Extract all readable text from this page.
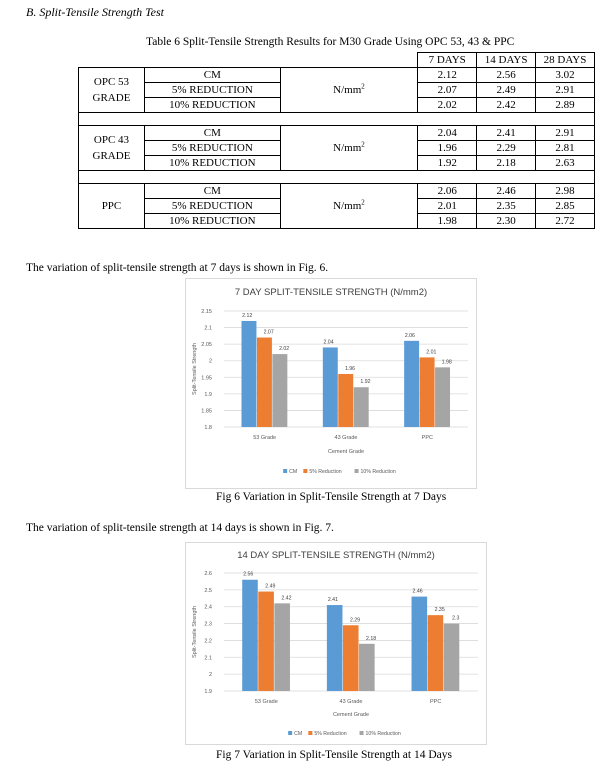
B. Split-Tensile Strength Test
Table 6 Split-Tensile Strength Results for M30 Grade Using OPC 53, 43 & PPC
			7 DAYS	14 DAYS	28 DAYS
OPC 53 GRADE	CM	$N/mm^2$	2.12	2.56	3.02
	5% REDUCTION		2.07	2.49	2.91
	10% REDUCTION		2.02	2.42	2.89

OPC 43 GRADE	CM	$N/mm^2$	2.04	2.41	2.91
	5% REDUCTION		1.96	2.29	2.81
	10% REDUCTION		1.92	2.18	2.63

PPC	CM	$N/mm^2$	2.06	2.46	2.98
	5% REDUCTION		2.01	2.35	2.85
	10% REDUCTION		1.98	2.30	2.72
The variation of split-tensile strength at 7 days is shown in Fig. 6.
7 DAY SPLIT-TENSILE STRENGTH (N/mm2)
2.15
2.1
2.05
2
1.95
1.9
1.85
1.8
Split-Tensile Strength
2.12
2.07
2.02
53 Grade
2.04
1.96
1.92
43 Grade
2.06
2.01
1.98
PPC
Cement Grade
CM 5% Reduction	10% Reduction
Fig 6 Variation in Split-Tensile Strength at 7 Days
The variation of split-tensile strength at 14 days is shown in Fig. 7.
14 DAY SPLIT-TENSILE STRENGTH (N/mm2)
2.6
2.5
2.4
2.3
2.2
2.1
2
1.9
Split-Tensile Strength
2.56
2.49
2.42
53 Grade
2.41
2.29
2.18
43 Grade
2.46
2.35
2.3
PPC
Cement Grade
CM 5% Reduction	10% Reduction
Fig 7 Variation in Split-Tensile Strength at 14 Days
